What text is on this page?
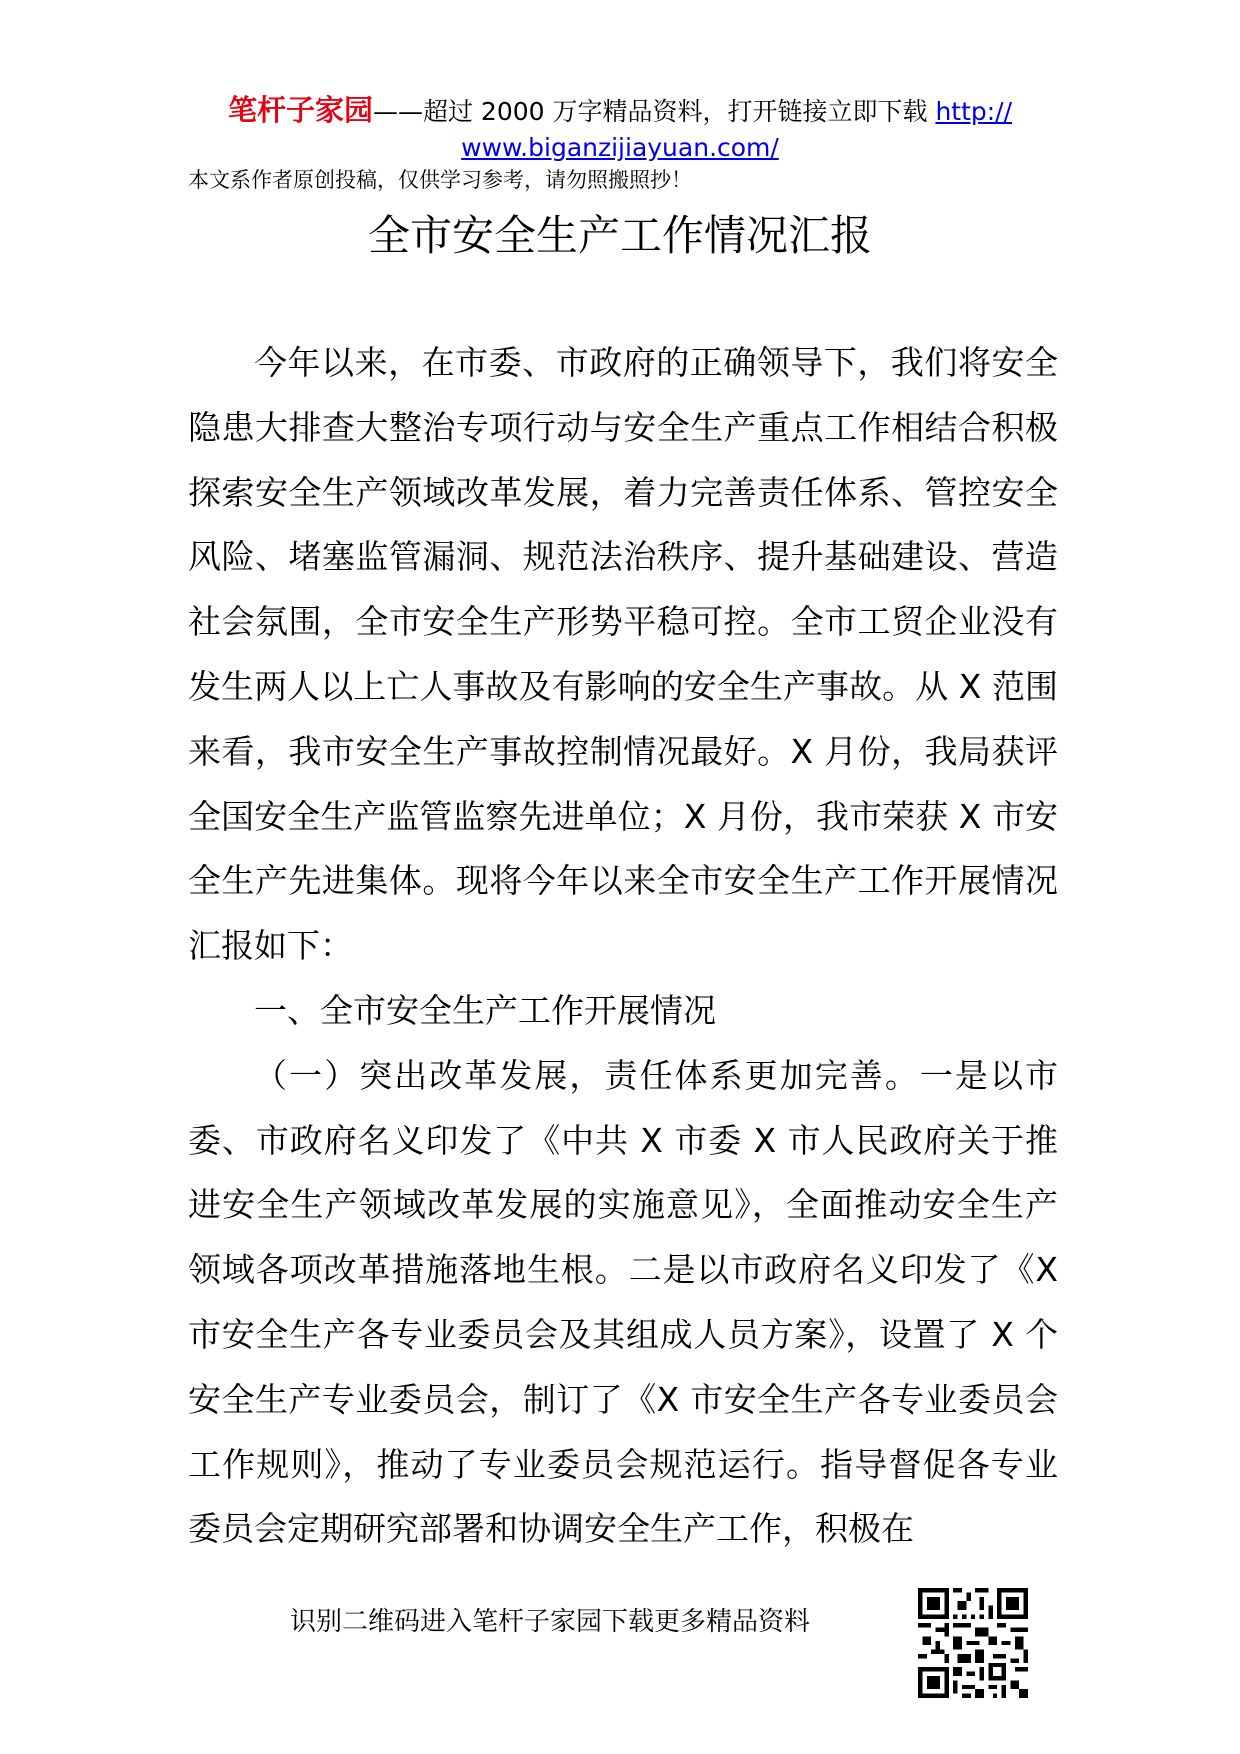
笔杆子家园——超过 2000 万字精品资料，打开链接立即下载 http://
www.biganzijiayuan.com/
本文系作者原创投稿，仅供学习参考，请勿照搬照抄！
全市安全生产工作情况汇报

今年以来，在市委、市政府的正确领导下，我们将安全隐患大排查大整治专项行动与安全生产重点工作相结合积极探索安全生产领域改革发展，着力完善责任体系、管控安全风险、堵塞监管漏洞、规范法治秩序、提升基础建设、营造社会氛围，全市安全生产形势平稳可控。全市工贸企业没有发生两人以上亡人事故及有影响的安全生产事故。从 X 范围来看，我市安全生产事故控制情况最好。X 月份，我局获评全国安全生产监管监察先进单位；X 月份，我市荣获 X 市安全生产先进集体。现将今年以来全市安全生产工作开展情况汇报如下：

一、全市安全生产工作开展情况

（一）突出改革发展，责任体系更加完善。一是以市委、市政府名义印发了《中共 X 市委 X 市人民政府关于推进安全生产领域改革发展的实施意见》，全面推动安全生产领域各项改革措施落地生根。二是以市政府名义印发了《X 市安全生产各专业委员会及其组成人员方案》，设置了 X 个安全生产专业委员会，制订了《X 市安全生产各专业委员会工作规则》，推动了专业委员会规范运行。指导督促各专业委员会定期研究部署和协调安全生产工作，积极在

识别二维码进入笔杆子家园下载更多精品资料
